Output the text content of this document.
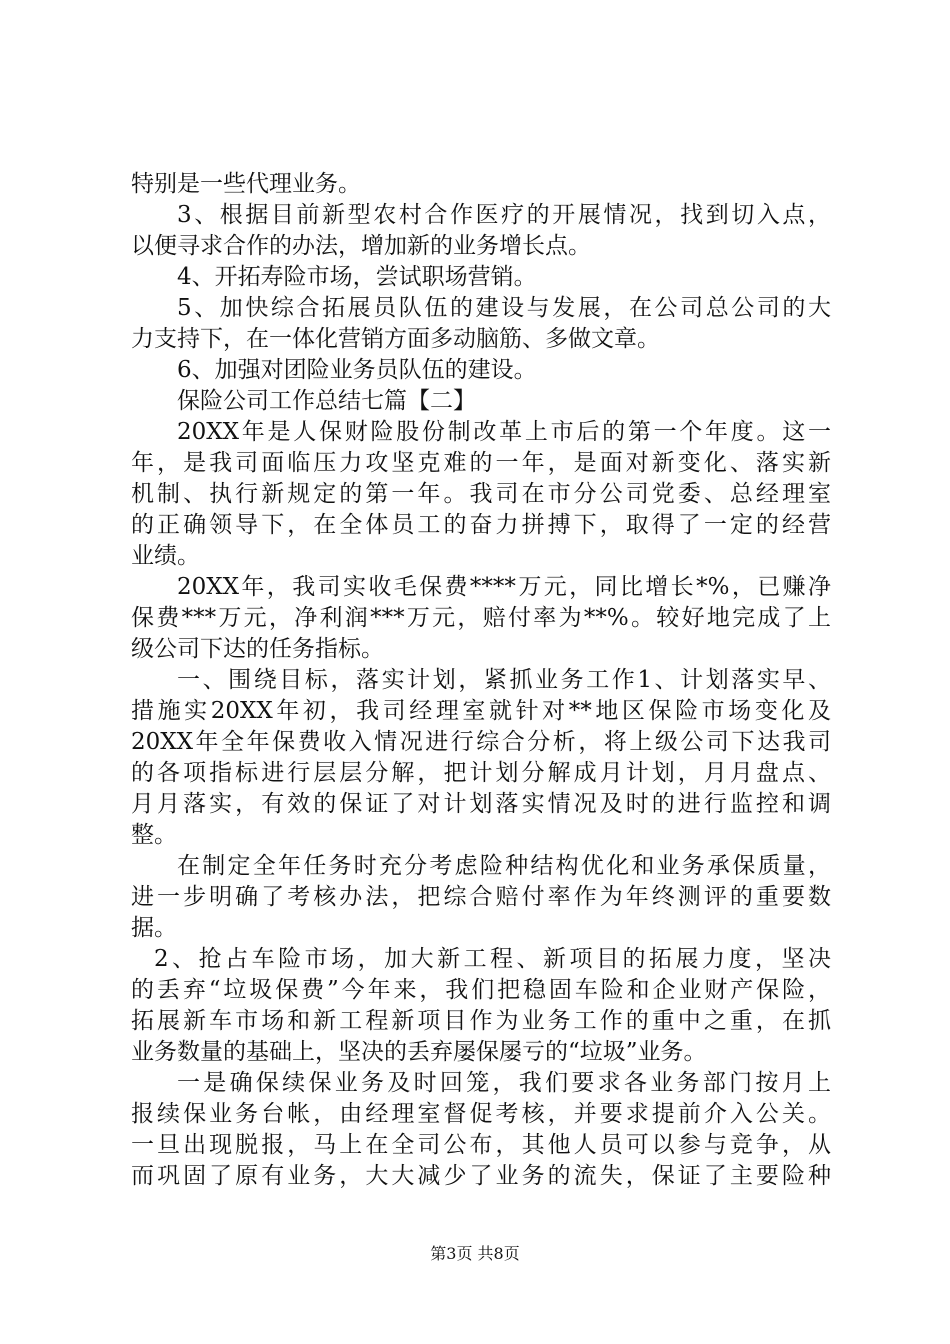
特别是一些代理业务。
3、根据目前新型农村合作医疗的开展情况，找到切入点，
以便寻求合作的办法，增加新的业务增长点。
4、开拓寿险市场，尝试职场营销。
5、加快综合拓展员队伍的建设与发展，在公司总公司的大
力支持下，在一体化营销方面多动脑筋、多做文章。
6、加强对团险业务员队伍的建设。
保险公司工作总结七篇【二】
20XX年是人保财险股份制改革上市后的第一个年度。这一
年，是我司面临压力攻坚克难的一年，是面对新变化、落实新
机制、执行新规定的第一年。我司在市分公司党委、总经理室
的正确领导下，在全体员工的奋力拼搏下，取得了一定的经营
业绩。
20XX年，我司实收毛保费****万元，同比增长*%，已赚净
保费***万元，净利润***万元，赔付率为**%。较好地完成了上
级公司下达的任务指标。
一、围绕目标，落实计划，紧抓业务工作1、计划落实早、
措施实20XX年初，我司经理室就针对**地区保险市场变化及
20XX年全年保费收入情况进行综合分析，将上级公司下达我司
的各项指标进行层层分解，把计划分解成月计划，月月盘点、
月月落实，有效的保证了对计划落实情况及时的进行监控和调
整。
在制定全年任务时充分考虑险种结构优化和业务承保质量，
进一步明确了考核办法，把综合赔付率作为年终测评的重要数
据。
2、抢占车险市场，加大新工程、新项目的拓展力度，坚决
的丢弃“垃圾保费”今年来，我们把稳固车险和企业财产保险，
拓展新车市场和新工程新项目作为业务工作的重中之重，在抓
业务数量的基础上，坚决的丢弃屡保屡亏的“垃圾”业务。
一是确保续保业务及时回笼，我们要求各业务部门按月上
报续保业务台帐，由经理室督促考核，并要求提前介入公关。
一旦出现脱报，马上在全司公布，其他人员可以参与竞争，从
而巩固了原有业务，大大减少了业务的流失，保证了主要险种
第3页 共8页
